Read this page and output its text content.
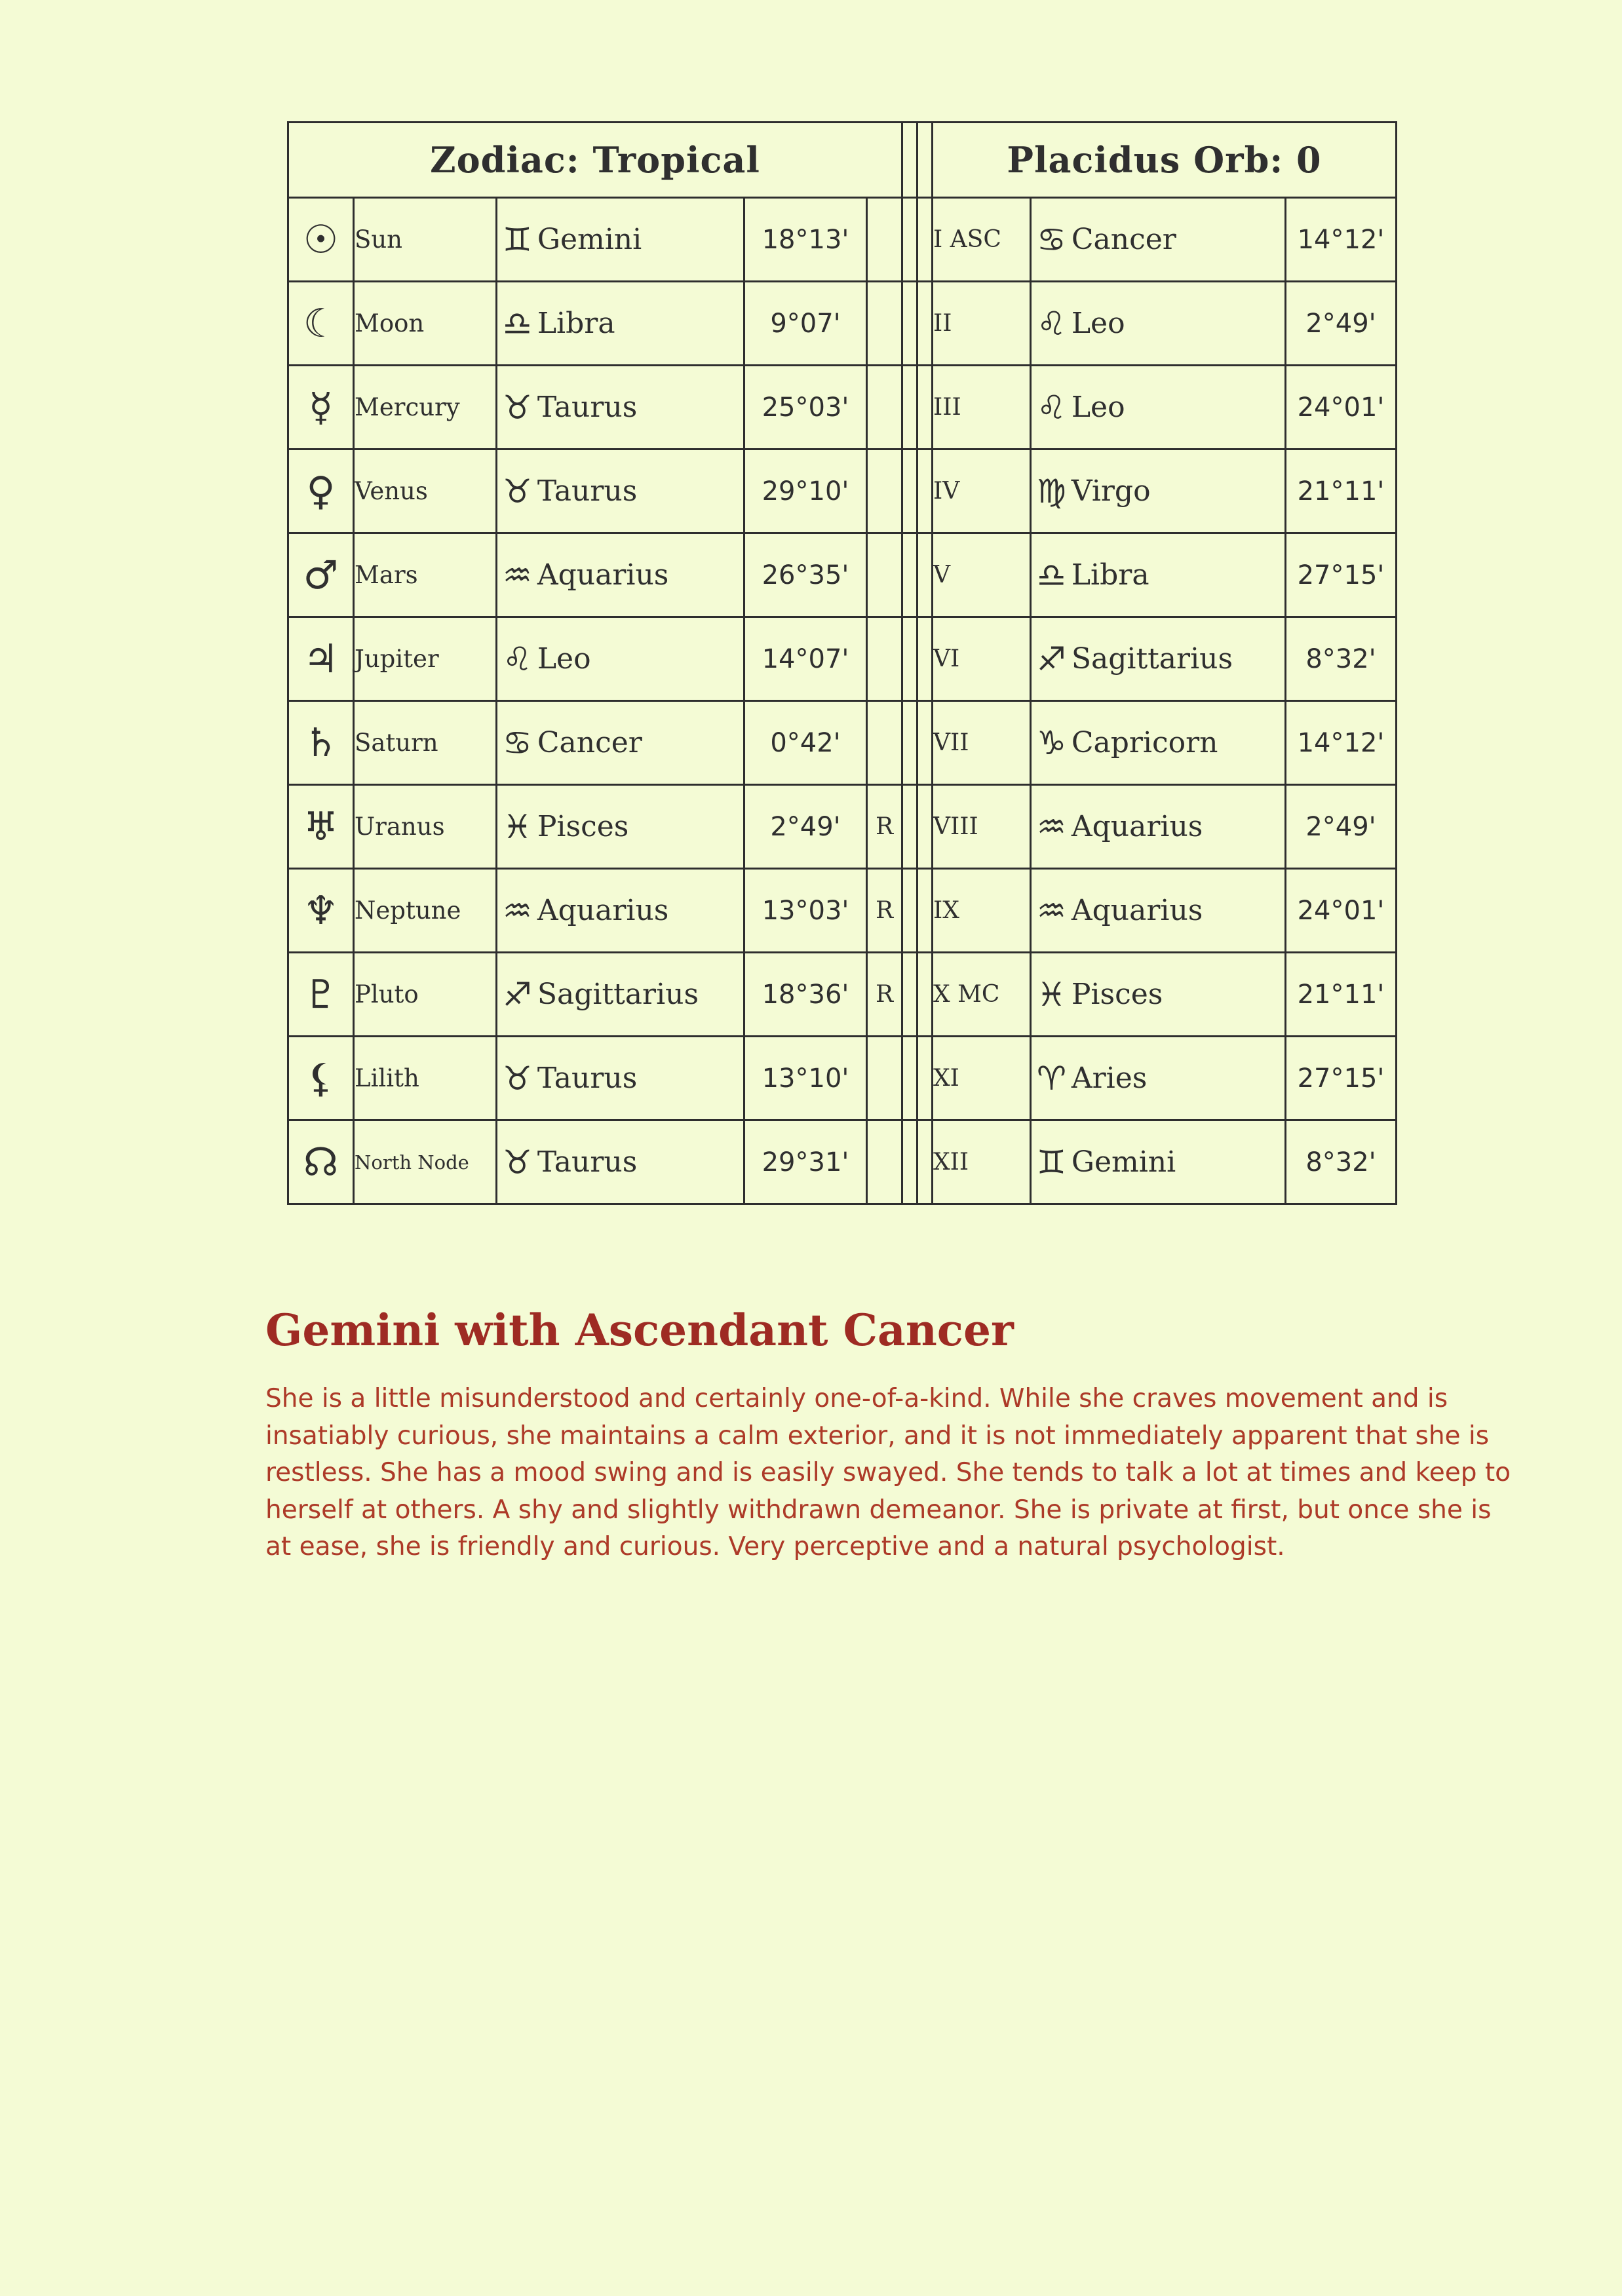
Zodiac: Tropical							Placidus Orb: 0		
☉	Sun	♊ Gemini	18°13'				I ASC	♋ Cancer	14°12'
☾	Moon	♎ Libra	9°07'				II	♌ Leo	2°49'
☿	Mercury	♉ Taurus	25°03'				III	♌ Leo	24°01'
♀	Venus	♉ Taurus	29°10'				IV	♍ Virgo	21°11'
♂	Mars	♒ Aquarius	26°35'				V	♎ Libra	27°15'
♃	Jupiter	♌ Leo	14°07'				VI	♐ Sagittarius	8°32'
♄	Saturn	♋ Cancer	0°42'				VII	♑ Capricorn	14°12'
♅	Uranus	♓ Pisces	2°49'	R			VIII	♒ Aquarius	2°49'
♆	Neptune	♒ Aquarius	13°03'	R			IX	♒ Aquarius	24°01'
♇	Pluto	♐ Sagittarius	18°36'	R			X MC	♓ Pisces	21°11'
⚸	Lilith	♉ Taurus	13°10'				XI	♈ Aries	27°15'
☊	North Node	♉ Taurus	29°31'				XII	♊ Gemini	8°32'
Gemini with Ascendant Cancer

She is a little misunderstood and certainly one-of-a-kind. While she craves movement and is insatiably curious, she maintains a calm exterior, and it is not immediately apparent that she is restless. She has a mood swing and is easily swayed. She tends to talk a lot at times and keep to herself at others. A shy and slightly withdrawn demeanor. She is private at first, but once she is at ease, she is friendly and curious. Very perceptive and a natural psychologist.
